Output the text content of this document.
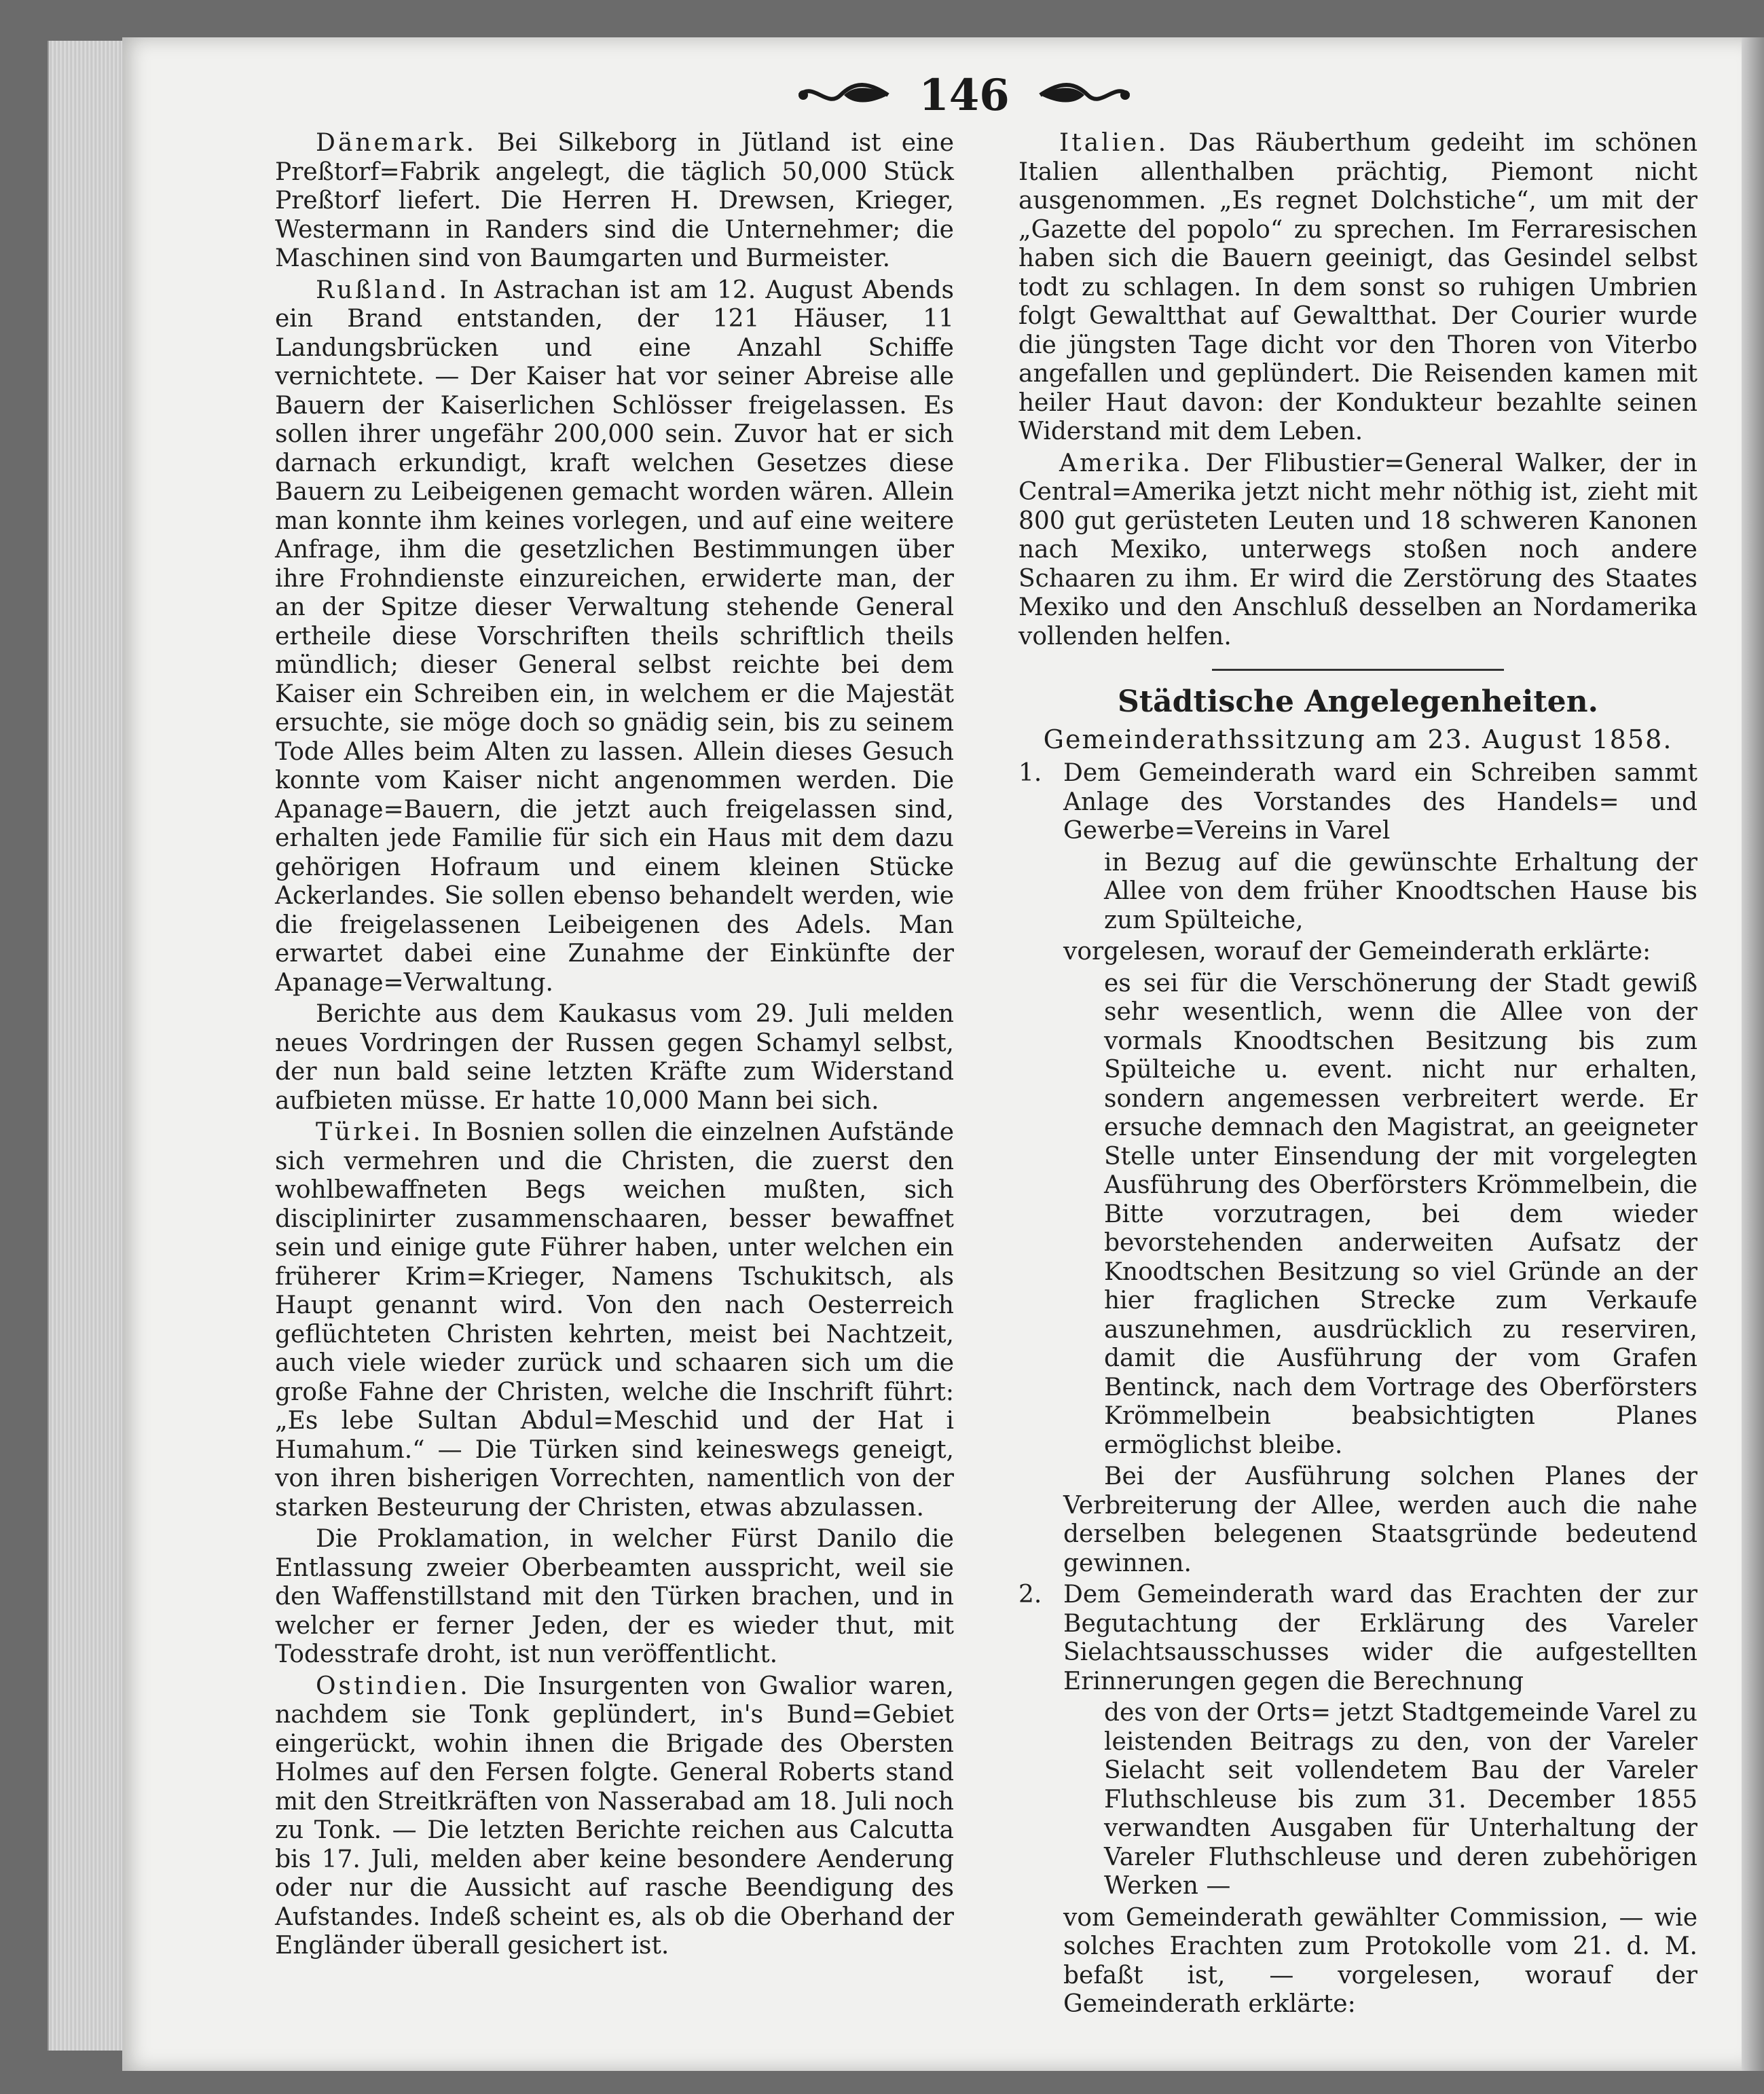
146

Dänemark. Bei Silkeborg in Jütland ist eine Preßtorf=Fabrik angelegt, die täglich 50,000 Stück Preßtorf liefert. Die Herren H. Drewsen, Krieger, Westermann in Randers sind die Unternehmer; die Maschinen sind von Baumgarten und Burmeister.

Rußland. In Astrachan ist am 12. August Abends ein Brand entstanden, der 121 Häuser, 11 Landungsbrücken und eine Anzahl Schiffe vernichtete. — Der Kaiser hat vor seiner Abreise alle Bauern der Kaiserlichen Schlösser freigelassen. Es sollen ihrer ungefähr 200,000 sein. Zuvor hat er sich darnach erkundigt, kraft welchen Gesetzes diese Bauern zu Leibeigenen gemacht worden wären. Allein man konnte ihm keines vorlegen, und auf eine weitere Anfrage, ihm die gesetzlichen Bestimmungen über ihre Frohndienste einzureichen, erwiderte man, der an der Spitze dieser Verwaltung stehende General ertheile diese Vorschriften theils schriftlich theils mündlich; dieser General selbst reichte bei dem Kaiser ein Schreiben ein, in welchem er die Majestät ersuchte, sie möge doch so gnädig sein, bis zu seinem Tode Alles beim Alten zu lassen. Allein dieses Gesuch konnte vom Kaiser nicht angenommen werden. Die Apanage=Bauern, die jetzt auch freigelassen sind, erhalten jede Familie für sich ein Haus mit dem dazu gehörigen Hofraum und einem kleinen Stücke Ackerlandes. Sie sollen ebenso behandelt werden, wie die freigelassenen Leibeigenen des Adels. Man erwartet dabei eine Zunahme der Einkünfte der Apanage=Verwaltung.

Berichte aus dem Kaukasus vom 29. Juli melden neues Vordringen der Russen gegen Schamyl selbst, der nun bald seine letzten Kräfte zum Widerstand aufbieten müsse. Er hatte 10,000 Mann bei sich.

Türkei. In Bosnien sollen die einzelnen Aufstände sich vermehren und die Christen, die zuerst den wohlbewaffneten Begs weichen mußten, sich disciplinirter zusammenschaaren, besser bewaffnet sein und einige gute Führer haben, unter welchen ein früherer Krim=Krieger, Namens Tschukitsch, als Haupt genannt wird. Von den nach Oesterreich geflüchteten Christen kehrten, meist bei Nachtzeit, auch viele wieder zurück und schaaren sich um die große Fahne der Christen, welche die Inschrift führt: „Es lebe Sultan Abdul=Meschid und der Hat i Humahum.“ — Die Türken sind keineswegs geneigt, von ihren bisherigen Vorrechten, namentlich von der starken Besteurung der Christen, etwas abzulassen.

Die Proklamation, in welcher Fürst Danilo die Entlassung zweier Oberbeamten ausspricht, weil sie den Waffenstillstand mit den Türken brachen, und in welcher er ferner Jeden, der es wieder thut, mit Todesstrafe droht, ist nun veröffentlicht.

Ostindien. Die Insurgenten von Gwalior waren, nachdem sie Tonk geplündert, in's Bund=Gebiet eingerückt, wohin ihnen die Brigade des Obersten Holmes auf den Fersen folgte. General Roberts stand mit den Streitkräften von Nasserabad am 18. Juli noch zu Tonk. — Die letzten Berichte reichen aus Calcutta bis 17. Juli, melden aber keine besondere Aenderung oder nur die Aussicht auf rasche Beendigung des Aufstandes. Indeß scheint es, als ob die Oberhand der Engländer überall gesichert ist.

Italien. Das Räuberthum gedeiht im schönen Italien allenthalben prächtig, Piemont nicht ausgenommen. „Es regnet Dolchstiche“, um mit der „Gazette del popolo“ zu sprechen. Im Ferraresischen haben sich die Bauern geeinigt, das Gesindel selbst todt zu schlagen. In dem sonst so ruhigen Umbrien folgt Gewaltthat auf Gewaltthat. Der Courier wurde die jüngsten Tage dicht vor den Thoren von Viterbo angefallen und geplündert. Die Reisenden kamen mit heiler Haut davon: der Kondukteur bezahlte seinen Widerstand mit dem Leben.

Amerika. Der Flibustier=General Walker, der in Central=Amerika jetzt nicht mehr nöthig ist, zieht mit 800 gut gerüsteten Leuten und 18 schweren Kanonen nach Mexiko, unterwegs stoßen noch andere Schaaren zu ihm. Er wird die Zerstörung des Staates Mexiko und den Anschluß desselben an Nordamerika vollenden helfen.

Städtische Angelegenheiten.
Gemeinderathssitzung am 23. August 1858.
1. Dem Gemeinderath ward ein Schreiben sammt Anlage des Vorstandes des Handels= und Gewerbe=Vereins in Varel

in Bezug auf die gewünschte Erhaltung der Allee von dem früher Knoodtschen Hause bis zum Spülteiche,

vorgelesen, worauf der Gemeinderath erklärte:

es sei für die Verschönerung der Stadt gewiß sehr wesentlich, wenn die Allee von der vormals Knoodtschen Besitzung bis zum Spülteiche u. event. nicht nur erhalten, sondern angemessen verbreitert werde. Er ersuche demnach den Magistrat, an geeigneter Stelle unter Einsendung der mit vorgelegten Ausführung des Oberförsters Krömmelbein, die Bitte vorzutragen, bei dem wieder bevorstehenden anderweiten Aufsatz der Knoodtschen Besitzung so viel Gründe an der hier fraglichen Strecke zum Verkaufe auszunehmen, ausdrücklich zu reserviren, damit die Ausführung der vom Grafen Bentinck, nach dem Vortrage des Oberförsters Krömmelbein beabsichtigten Planes ermöglichst bleibe.

Bei der Ausführung solchen Planes der Verbreiterung der Allee, werden auch die nahe derselben belegenen Staatsgründe bedeutend gewinnen.

2. Dem Gemeinderath ward das Erachten der zur Begutachtung der Erklärung des Vareler Sielachtsausschusses wider die aufgestellten Erinnerungen gegen die Berechnung

des von der Orts= jetzt Stadtgemeinde Varel zu leistenden Beitrags zu den, von der Vareler Sielacht seit vollendetem Bau der Vareler Fluthschleuse bis zum 31. December 1855 verwandten Ausgaben für Unterhaltung der Vareler Fluthschleuse und deren zubehörigen Werken —

vom Gemeinderath gewählter Commission, — wie solches Erachten zum Protokolle vom 21. d. M. befaßt ist, — vorgelesen, worauf der Gemeinderath erklärte:
